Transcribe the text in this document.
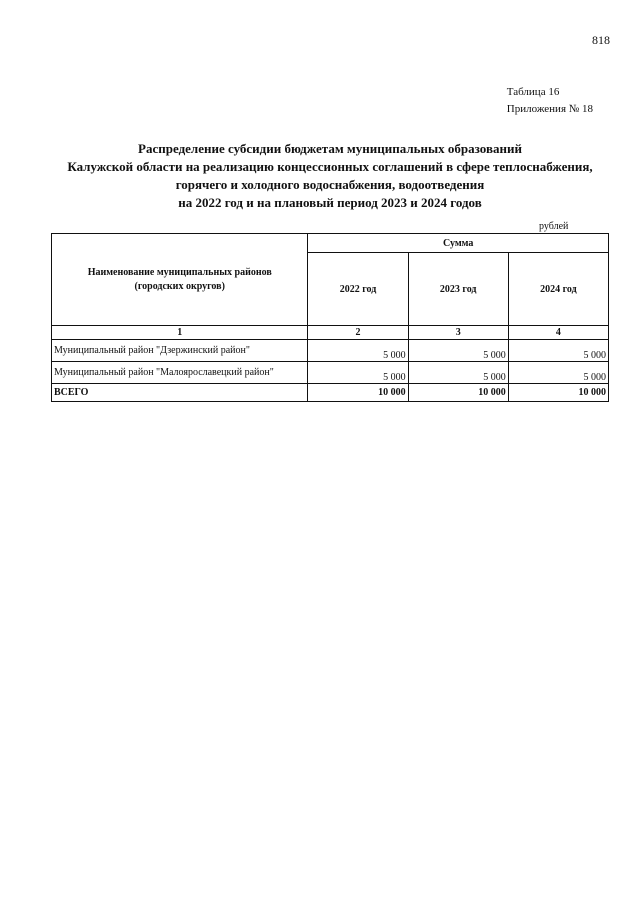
818
Таблица 16
Приложения № 18
Распределение субсидии бюджетам муниципальных образований
Калужской области на реализацию концессионных соглашений в сфере теплоснабжения,
горячего и холодного водоснабжения, водоотведения
на 2022 год и на плановый период 2023 и 2024 годов
рублей
Наименование муниципальных районов
(городских округов)	Сумма		
	2022 год	2023 год	2024 год
1	2	3	4
Муниципальный район "Дзержинский район"	5 000	5 000	5 000
Муниципальный район "Малоярославецкий район"	5 000	5 000	5 000
ВСЕГО	10 000	10 000	10 000
